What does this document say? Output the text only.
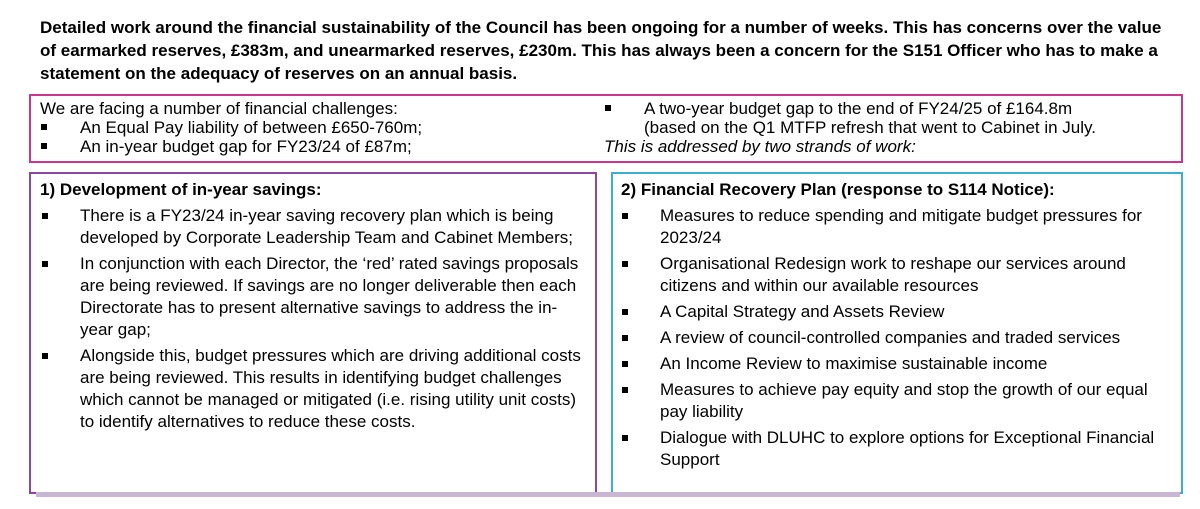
Detailed work around the financial sustainability of the Council has been ongoing for a number of weeks. This has concerns over the value of earmarked reserves, £383m, and unearmarked reserves, £230m. This has always been a concern for the S151 Officer who has to make a statement on the adequacy of reserves on an annual basis.
We are facing a number of financial challenges:
An Equal Pay liability of between £650-760m;
An in-year budget gap for FY23/24 of £87m;
A two-year budget gap to the end of FY24/25 of £164.8m
(based on the Q1 MTFP refresh that went to Cabinet in July.
This is addressed by two strands of work:
1) Development of in-year savings:
There is a FY23/24 in-year saving recovery plan which is being developed by Corporate Leadership Team and Cabinet Members;
In conjunction with each Director, the ‘red’ rated savings proposals are being reviewed. If savings are no longer deliverable then each Directorate has to present alternative savings to address the in-year gap;
Alongside this, budget pressures which are driving additional costs are being reviewed. This results in identifying budget challenges which cannot be managed or mitigated (i.e. rising utility unit costs) to identify alternatives to reduce these costs.
2) Financial Recovery Plan (response to S114 Notice):
Measures to reduce spending and mitigate budget pressures for 2023/24
Organisational Redesign work to reshape our services around citizens and within our available resources
A Capital Strategy and Assets Review
A review of council-controlled companies and traded services
An Income Review to maximise sustainable income
Measures to achieve pay equity and stop the growth of our equal pay liability
Dialogue with DLUHC to explore options for Exceptional Financial Support
